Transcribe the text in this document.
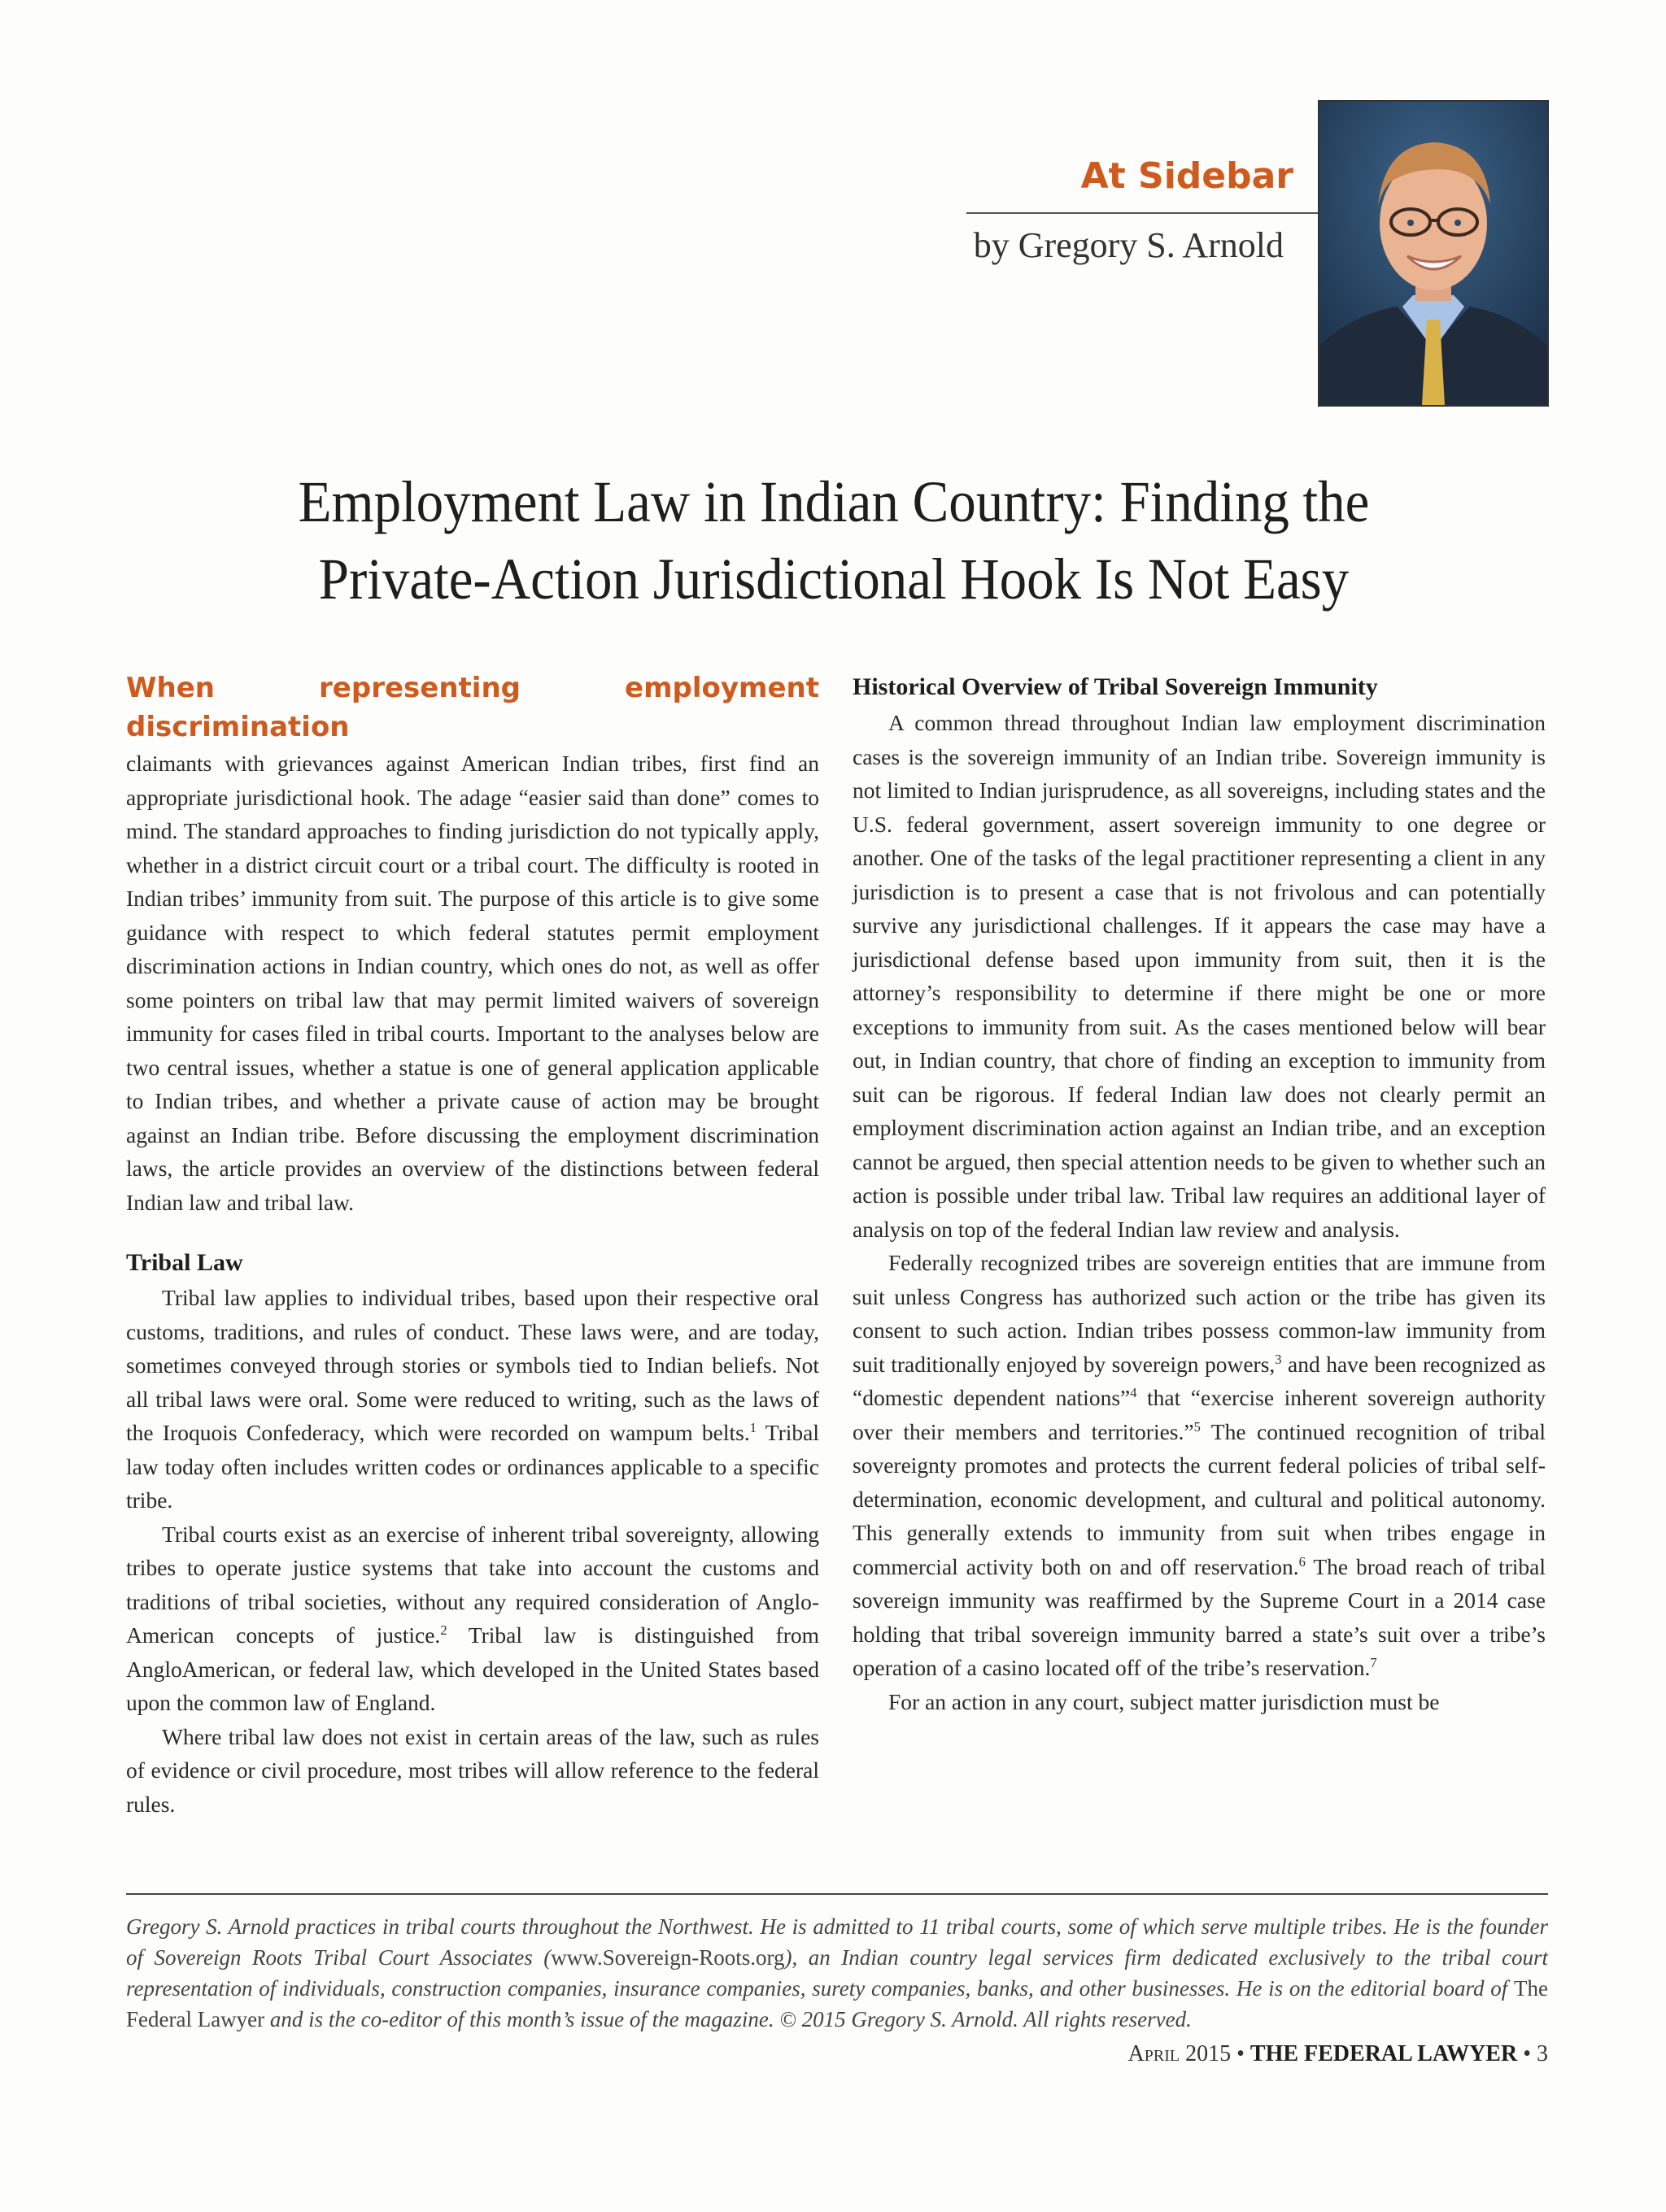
At Sidebar
by Gregory S. Arnold
Employment Law in Indian Country: Finding the
Private-Action Jurisdictional Hook Is Not Easy

When representing employment discrimination

claimants with grievances against American Indian tribes, first find an appropriate jurisdictional hook. The adage “easier said than done” comes to mind. The standard approaches to finding jurisdiction do not typically apply, whether in a district circuit court or a tribal court. The difficulty is rooted in Indian tribes’ immunity from suit. The purpose of this article is to give some guidance with respect to which federal statutes permit employment discrimination actions in Indian country, which ones do not, as well as offer some pointers on tribal law that may permit limited waivers of sovereign immunity for cases filed in tribal courts. Important to the analyses below are two central issues, whether a statue is one of general application applicable to Indian tribes, and whether a private cause of action may be brought against an Indian tribe. Before discussing the employment discrimination laws, the article provides an overview of the distinctions between federal Indian law and tribal law.

Tribal Law

Tribal law applies to individual tribes, based upon their respective oral customs, traditions, and rules of conduct. These laws were, and are today, sometimes conveyed through stories or symbols tied to Indian beliefs. Not all tribal laws were oral. Some were reduced to writing, such as the laws of the Iroquois Confederacy, which were recorded on wampum belts.$^1$ Tribal law today often includes written codes or ordinances applicable to a specific tribe.

Tribal courts exist as an exercise of inherent tribal sovereignty, allowing tribes to operate justice systems that take into account the customs and traditions of tribal societies, without any required consideration of Anglo-American concepts of justice.$^2$ Tribal law is distinguished from AngloAmerican, or federal law, which developed in the United States based upon the common law of England.

Where tribal law does not exist in certain areas of the law, such as rules of evidence or civil procedure, most tribes will allow reference to the federal rules.

Historical Overview of Tribal Sovereign Immunity

A common thread throughout Indian law employment discrimination cases is the sovereign immunity of an Indian tribe. Sovereign immunity is not limited to Indian jurisprudence, as all sovereigns, including states and the U.S. federal government, assert sovereign immunity to one degree or another. One of the tasks of the legal practitioner representing a client in any jurisdiction is to present a case that is not frivolous and can potentially survive any jurisdictional challenges. If it appears the case may have a jurisdictional defense based upon immunity from suit, then it is the attorney’s responsibility to determine if there might be one or more exceptions to immunity from suit. As the cases mentioned below will bear out, in Indian country, that chore of finding an exception to immunity from suit can be rigorous. If federal Indian law does not clearly permit an employment discrimination action against an Indian tribe, and an exception cannot be argued, then special attention needs to be given to whether such an action is possible under tribal law. Tribal law requires an additional layer of analysis on top of the federal Indian law review and analysis.

Federally recognized tribes are sovereign entities that are immune from suit unless Congress has authorized such action or the tribe has given its consent to such action. Indian tribes possess common-law immunity from suit traditionally enjoyed by sovereign powers,$^3$ and have been recognized as “domestic dependent nations”$^4$ that “exercise inherent sovereign authority over their members and territories.”$^5$ The continued recognition of tribal sovereignty promotes and protects the current federal policies of tribal self-determination, economic development, and cultural and political autonomy. This generally extends to immunity from suit when tribes engage in commercial activity both on and off reservation.$^6$ The broad reach of tribal sovereign immunity was reaffirmed by the Supreme Court in a 2014 case holding that tribal sovereign immunity barred a state’s suit over a tribe’s operation of a casino located off of the tribe’s reservation.$^7$

For an action in any court, subject matter jurisdiction must be

Gregory S. Arnold practices in tribal courts throughout the Northwest. He is admitted to 11 tribal courts, some of which serve multiple tribes. He is the founder of Sovereign Roots Tribal Court Associates (www.Sovereign-Roots.org), an Indian country legal services firm dedicated exclusively to the tribal court representation of individuals, construction companies, insurance companies, surety companies, banks, and other businesses. He is on the editorial board of The Federal Lawyer and is the co-editor of this month’s issue of the magazine. © 2015 Gregory S. Arnold. All rights reserved.

April 2015 • THE FEDERAL LAWYER • 3
